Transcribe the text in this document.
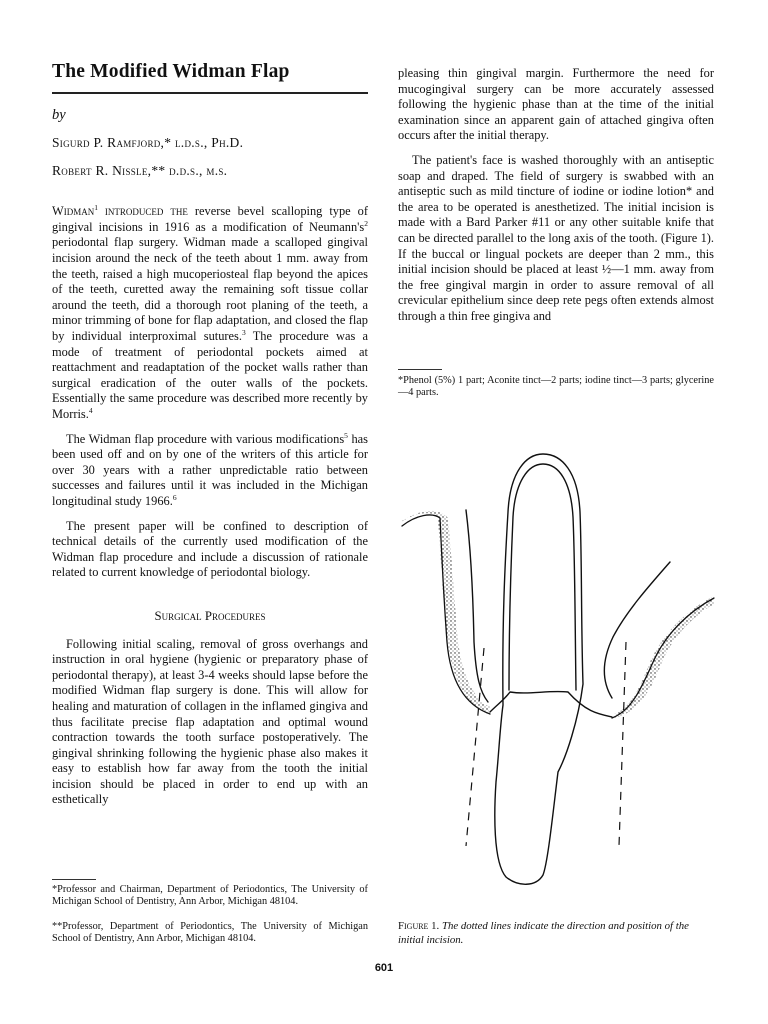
The Modified Widman Flap
by
Sigurd P. Ramfjord,* l.d.s., Ph.D.
Robert R. Nissle,** d.d.s., m.s.

Widman$^1$ introduced the reverse bevel scalloping type of gingival incisions in 1916 as a modification of $Neumann's^2$ periodontal flap surgery. Widman made a scalloped gingival incision around the neck of the teeth about 1 mm. away from the teeth, raised a high mucoperiosteal flap beyond the apices of the teeth, curetted away the remaining soft tissue collar around the teeth, did a thorough root planing of the teeth, a minor trimming of bone for flap adaptation, and closed the flap by individual interproximal sutures.$^3$ The procedure was a mode of treatment of periodontal pockets aimed at reattachment and readaptation of the pocket walls rather than surgical eradication of the outer walls of the pockets. Essentially the same procedure was described more recently by Morris.$^4$

The Widman flap procedure with various modifications$^5$ has been used off and on by one of the writers of this article for over 30 years with a rather unpredictable ratio between successes and failures until it was included in the Michigan longitudinal study 1966.$^6$

The present paper will be confined to description of technical details of the currently used modification of the Widman flap procedure and include a discussion of rationale related to current knowledge of periodontal biology.

Surgical Procedures

Following initial scaling, removal of gross overhangs and instruction in oral hygiene (hygienic or preparatory phase of periodontal therapy), at least 3-4 weeks should lapse before the modified Widman flap surgery is done. This will allow for healing and maturation of collagen in the inflamed gingiva and thus facilitate precise flap adaptation and optimal wound contraction towards the tooth surface postoperatively. The gingival shrinking following the hygienic phase also makes it easy to establish how far away from the tooth the initial incision should be placed in order to end up with an esthetically

pleasing thin gingival margin. Furthermore the need for mucogingival surgery can be more accurately assessed following the hygienic phase than at the time of the initial examination since an apparent gain of attached gingiva often occurs after the initial therapy.

The patient's face is washed thoroughly with an antiseptic soap and draped. The field of surgery is swabbed with an antiseptic such as mild tincture of iodine or iodine lotion* and the area to be operated is anesthetized. The initial incision is made with a Bard Parker #11 or any other suitable knife that can be directed parallel to the long axis of the tooth. (Figure 1). If the buccal or lingual pockets are deeper than 2 mm., this initial incision should be placed at least ½—1 mm. away from the free gingival margin in order to assure removal of all crevicular epithelium since deep rete pegs often extends almost through a thin free gingiva and

*Phenol (5%) 1 part; Aconite tinct—2 parts; iodine tinct—3 parts; glycerine—4 parts.
*Professor and Chairman, Department of Periodontics, The University of Michigan School of Dentistry, Ann Arbor, Michigan 48104.
**Professor, Department of Periodontics, The University of Michigan School of Dentistry, Ann Arbor, Michigan 48104.
Figure 1. The dotted lines indicate the direction and position of the initial incision.
601
